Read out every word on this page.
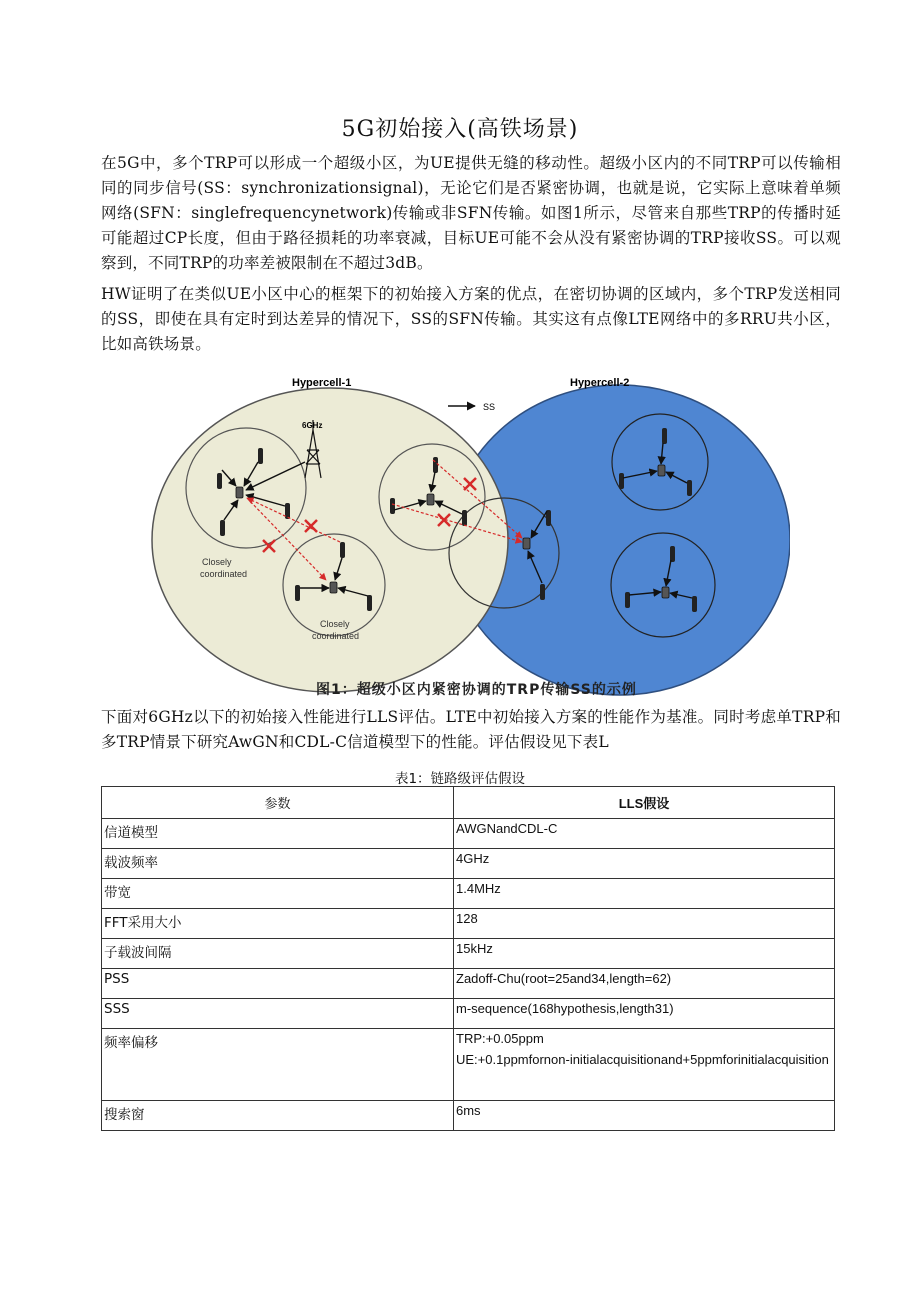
5G初始接入(高铁场景)
在5G中，多个TRP可以形成一个超级小区，为UE提供无缝的移动性。超级小区内的不同TRP可以传输相同的同步信号(SS：synchronizationsignal)，无论它们是否紧密协调，也就是说，它实际上意味着单频网络(SFN：singlefrequencynetwork)传输或非SFN传输。如图1所示，尽管来自那些TRP的传播时延可能超过CP长度，但由于路径损耗的功率衰减，目标UE可能不会从没有紧密协调的TRP接收SS。可以观察到，不同TRP的功率差被限制在不超过3dB。
HW证明了在类似UE小区中心的框架下的初始接入方案的优点，在密切协调的区域内，多个TRP发送相同的SS，即使在具有定时到达差异的情况下，SS的SFN传输。其实这有点像LTE网络中的多RRU共小区，比如高铁场景。
Hypercell-1	Hypercell-2
SS
6GHz
Closely
coordinated
Closely
coordinated
图1：超级小区内紧密协调的TRP传输SS的示例
下面对6GHz以下的初始接入性能进行LLS评估。LTE中初始接入方案的性能作为基准。同时考虑单TRP和多TRP情景下研究AwGN和CDL-C信道模型下的性能。评估假设见下表L
表1：链路级评估假设
参数	LLS假设
信道模型	AWGNandCDL-C
载波频率	4GHz
带宽	1.4MHz
FFT采用大小	128
子载波间隔	15kHz
PSS	Zadoff-Chu(root=25and34,length=62)
SSS	m-sequence(168hypothesis,length31)
频率偏移	TRP:+0.05ppm
UE:+0.1ppmfornon-initialacquisitionand+5ppmforinitialacquisition

搜索窗	6ms
